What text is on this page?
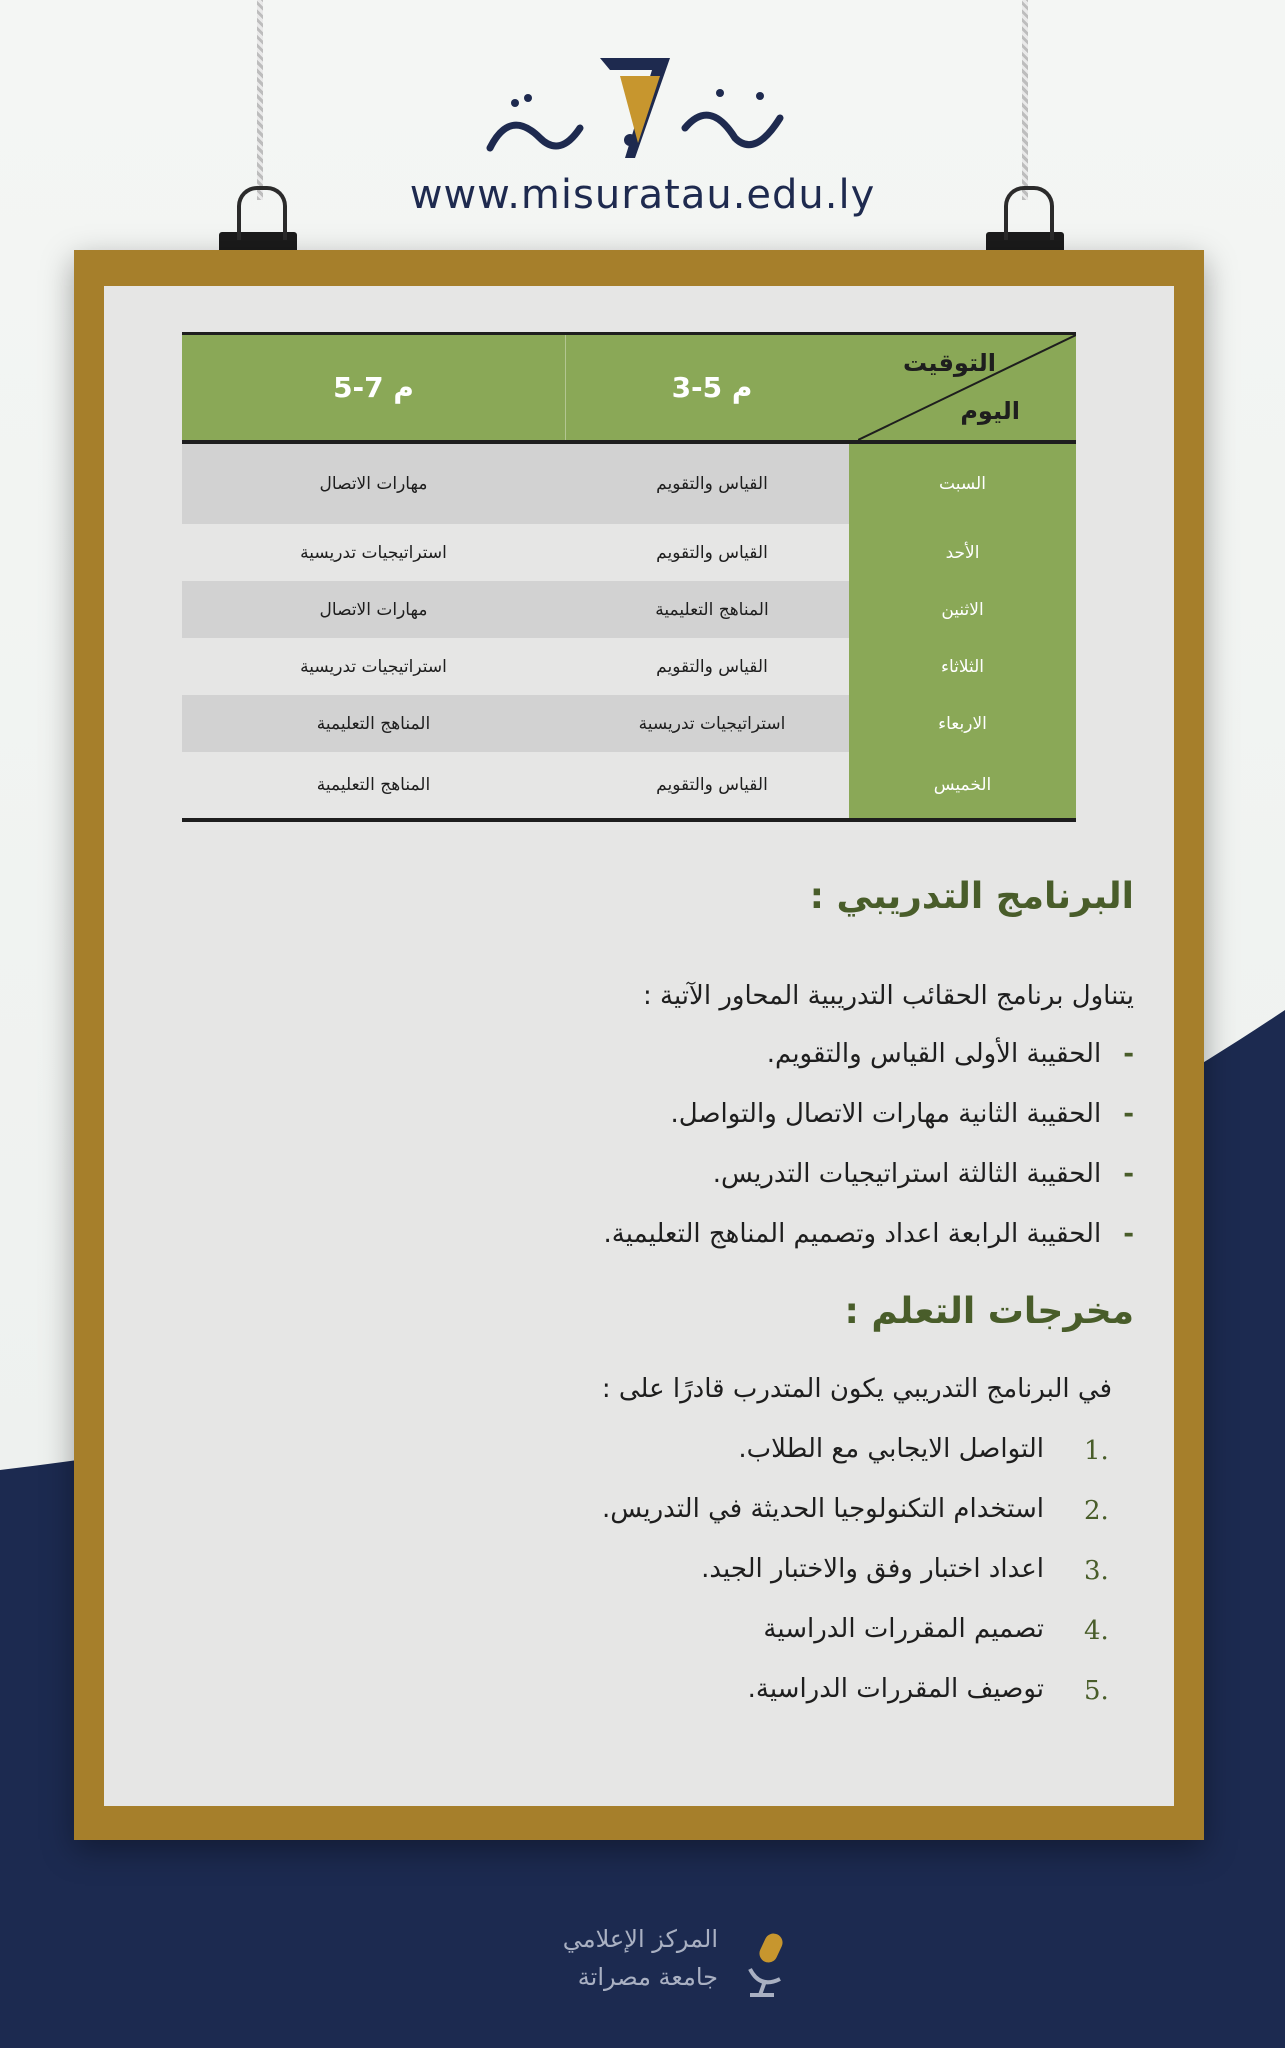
www.misuratau.edu.ly
5-7 م	3-5 م
التوقيت
اليوم
مهارات الاتصال	القياس والتقويم	السبت
استراتيجيات تدريسية	القياس والتقويم	الأحد
مهارات الاتصال	المناهج التعليمية	الاثنين
استراتيجيات تدريسية	القياس والتقويم	الثلاثاء
المناهج التعليمية	استراتيجيات تدريسية	الاربعاء
المناهج التعليمية	القياس والتقويم	الخميس
البرنامج التدريبي :
يتناول برنامج الحقائب التدريبية المحاور الآتية :
-الحقيبة الأولى القياس والتقويم.
-الحقيبة الثانية مهارات الاتصال والتواصل.
-الحقيبة الثالثة استراتيجيات التدريس.
-الحقيبة الرابعة اعداد وتصميم المناهج التعليمية.
مخرجات التعلم :
في البرنامج التدريبي يكون المتدرب قادرًا على :
1.
التواصل الايجابي مع الطلاب.
2.
استخدام التكنولوجيا الحديثة في التدريس.
3.
اعداد اختبار وفق والاختبار الجيد.
4.
تصميم المقررات الدراسية
5.
توصيف المقررات الدراسية.
المركز الإعلامي
جامعة مصراتة
